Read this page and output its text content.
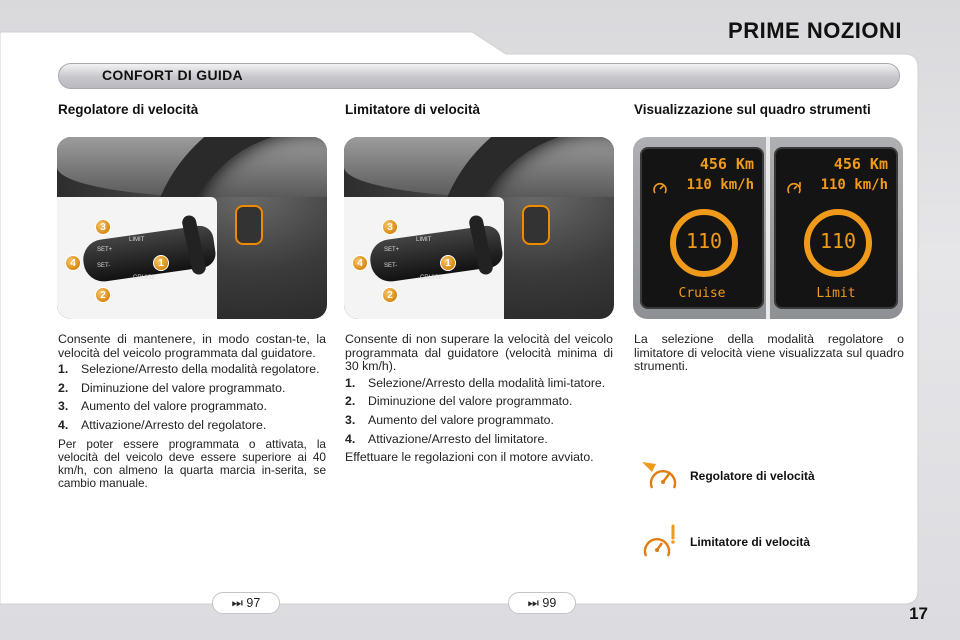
PRIME NOZIONI
CONFORT DI GUIDA
Regolatore di velocità
LIMIT
SET+
SET-
CRUISE
3
4	1
2

Consente di mantenere, in modo costan-te, la velocità del veicolo programmata dal guidatore.

1.	Selezione/Arresto della modalità regolatore.
2.	Diminuzione del valore programmato.
3.	Aumento del valore programmato.
4.	Attivazione/Arresto del regolatore.

Per poter essere programmata o attivata, la velocità del veicolo deve essere superiore ai 40 km/h, con almeno la quarta marcia in-serita, se cambio manuale.

Limitatore di velocità
LIMIT
SET+
SET-
CRUISE
3
4	1
2

Consente di non superare la velocità del veicolo programmata dal guidatore (velocità minima di 30 km/h).

1.	Selezione/Arresto della modalità limi-tatore.
2.	Diminuzione del valore programmato.
3.	Aumento del valore programmato.
4.	Attivazione/Arresto del limitatore.

Effettuare le regolazioni con il motore avviato.

Visualizzazione sul quadro strumenti
456 Km
110 km/h
110
Cruise
456 Km
110 km/h
110
Limit

La selezione della modalità regolatore o limitatore di velocità viene visualizzata sul quadro strumenti.

Regolatore di velocità
Limitatore di velocità
⏭ 97	⏭ 99
17
